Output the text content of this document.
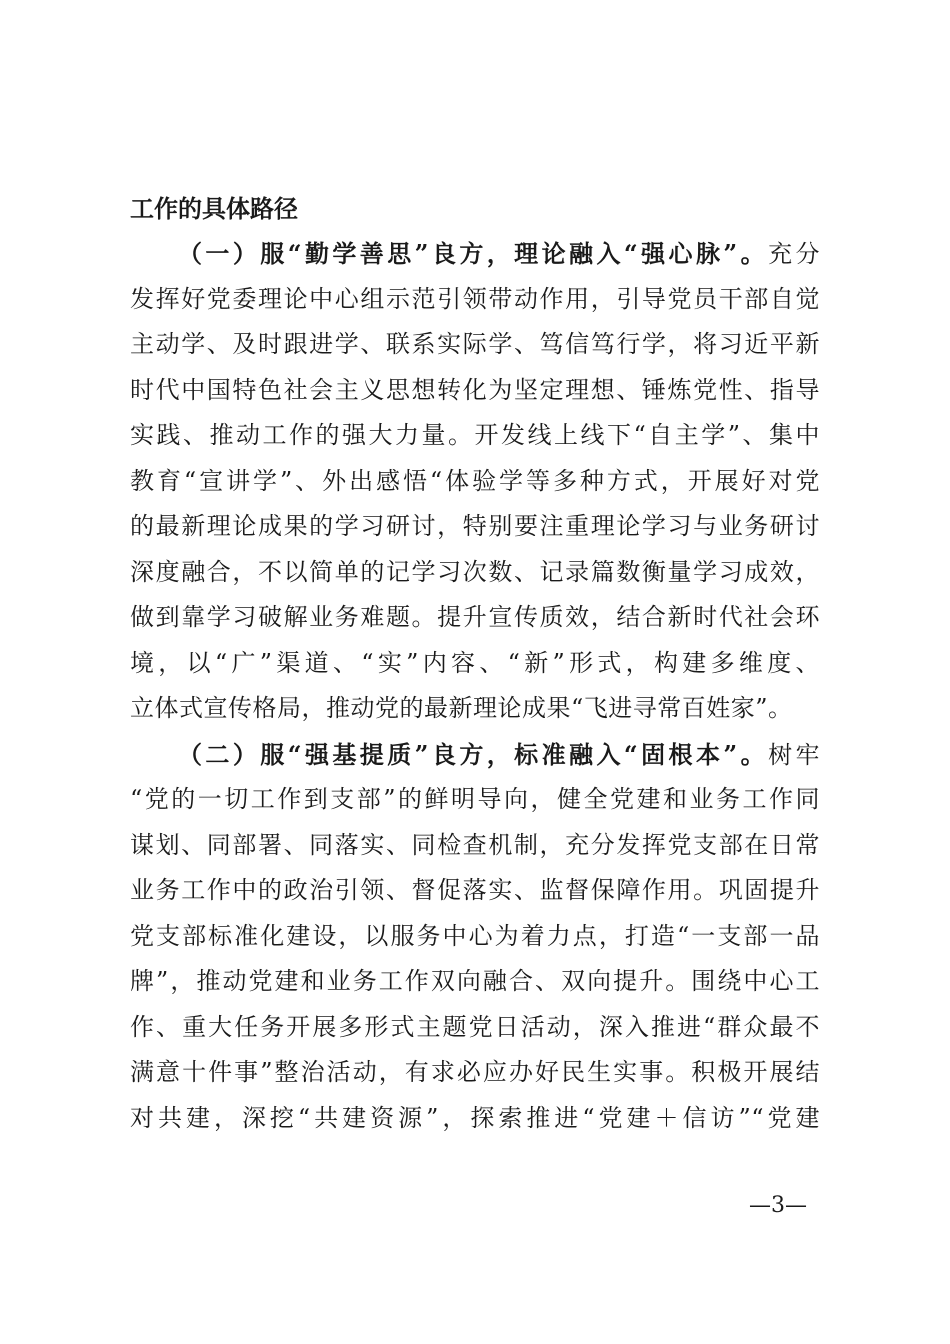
工作的具体路径
（一）服“勤学善思”良方，理论融入“强心脉”。充分
发挥好党委理论中心组示范引领带动作用，引导党员干部自觉
主动学、及时跟进学、联系实际学、笃信笃行学，将习近平新
时代中国特色社会主义思想转化为坚定理想、锤炼党性、指导
实践、推动工作的强大力量。开发线上线下“自主学”、集中
教育“宣讲学”、外出感悟“体验学等多种方式，开展好对党
的最新理论成果的学习研讨，特别要注重理论学习与业务研讨
深度融合，不以简单的记学习次数、记录篇数衡量学习成效，
做到靠学习破解业务难题。提升宣传质效，结合新时代社会环
境，以“广”渠道、“实”内容、“新”形式，构建多维度、
立体式宣传格局，推动党的最新理论成果“飞进寻常百姓家”。
（二）服“强基提质”良方，标准融入“固根本”。树牢
“党的一切工作到支部”的鲜明导向，健全党建和业务工作同
谋划、同部署、同落实、同检查机制，充分发挥党支部在日常
业务工作中的政治引领、督促落实、监督保障作用。巩固提升
党支部标准化建设，以服务中心为着力点，打造“一支部一品
牌”，推动党建和业务工作双向融合、双向提升。围绕中心工
作、重大任务开展多形式主题党日活动，深入推进“群众最不
满意十件事”整治活动，有求必应办好民生实事。积极开展结
对共建，深挖“共建资源”，探索推进“党建＋信访”“党建
—3—
